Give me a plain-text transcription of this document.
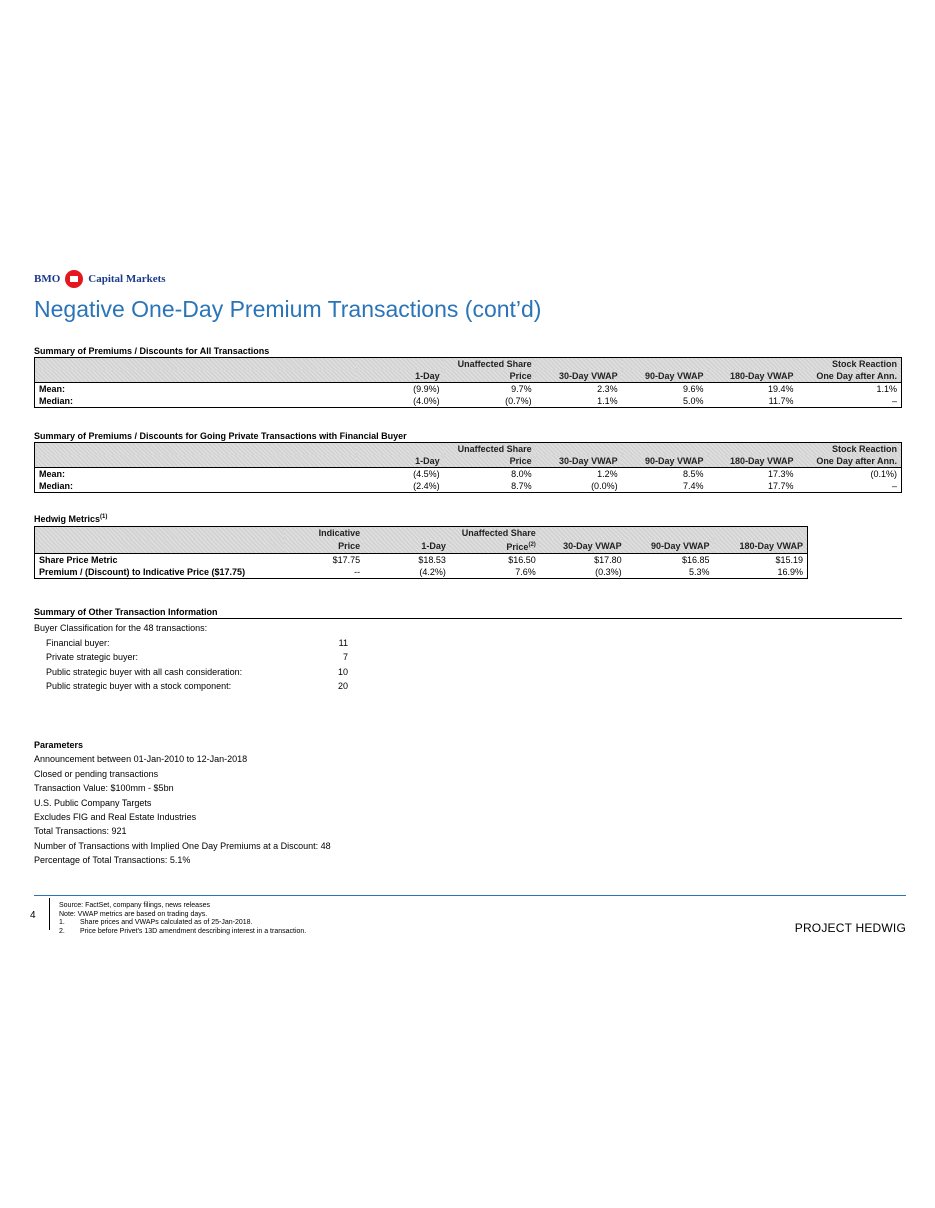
BMO	Capital Markets
Negative One-Day Premium Transactions (cont’d)
Summary of Premiums / Discounts for All Transactions
		Unaffected Share				Stock Reaction
	1-Day	Price	30-Day VWAP	90-Day VWAP	180-Day VWAP	One Day after Ann.
Mean:	(9.9%)	9.7%	2.3%	9.6%	19.4%	1.1%
Median:	(4.0%)	(0.7%)	1.1%	5.0%	11.7%	–
Summary of Premiums / Discounts for Going Private Transactions with Financial Buyer
		Unaffected Share				Stock Reaction
	1-Day	Price	30-Day VWAP	90-Day VWAP	180-Day VWAP	One Day after Ann.
Mean:	(4.5%)	8.0%	1.2%	8.5%	17.3%	(0.1%)
Median:	(2.4%)	8.7%	(0.0%)	7.4%	17.7%	–
Hedwig Metrics$^{(1)}$
	Indicative		Unaffected Share			
	Price	1-Day	Price$^{(2)}$	30-Day VWAP	90-Day VWAP	180-Day VWAP
Share Price Metric	$17.75	$18.53	$16.50	$17.80	$16.85	$15.19
Premium / (Discount) to Indicative Price ($17.75)	--	(4.2%)	7.6%	(0.3%)	5.3%	16.9%
Summary of Other Transaction Information
Buyer Classification for the 48 transactions:
Financial buyer:	11
Private strategic buyer:	7
Public strategic buyer with all cash consideration:	10
Public strategic buyer with a stock component:	20
Parameters
Announcement between 01-Jan-2010 to 12-Jan-2018
Closed or pending transactions
Transaction Value: $100mm - $5bn
U.S. Public Company Targets
Excludes FIG and Real Estate Industries
Total Transactions: 921
Number of Transactions with Implied One Day Premiums at a Discount: 48
Percentage of Total Transactions: 5.1%
4
Source: FactSet, company filings, news releases
Note: VWAP metrics are based on trading days.
1.	Share prices and VWAPs calculated as of 25-Jan-2018.
2.	Price before Privet's 13D amendment describing interest in a transaction.	PROJECT HEDWIG
